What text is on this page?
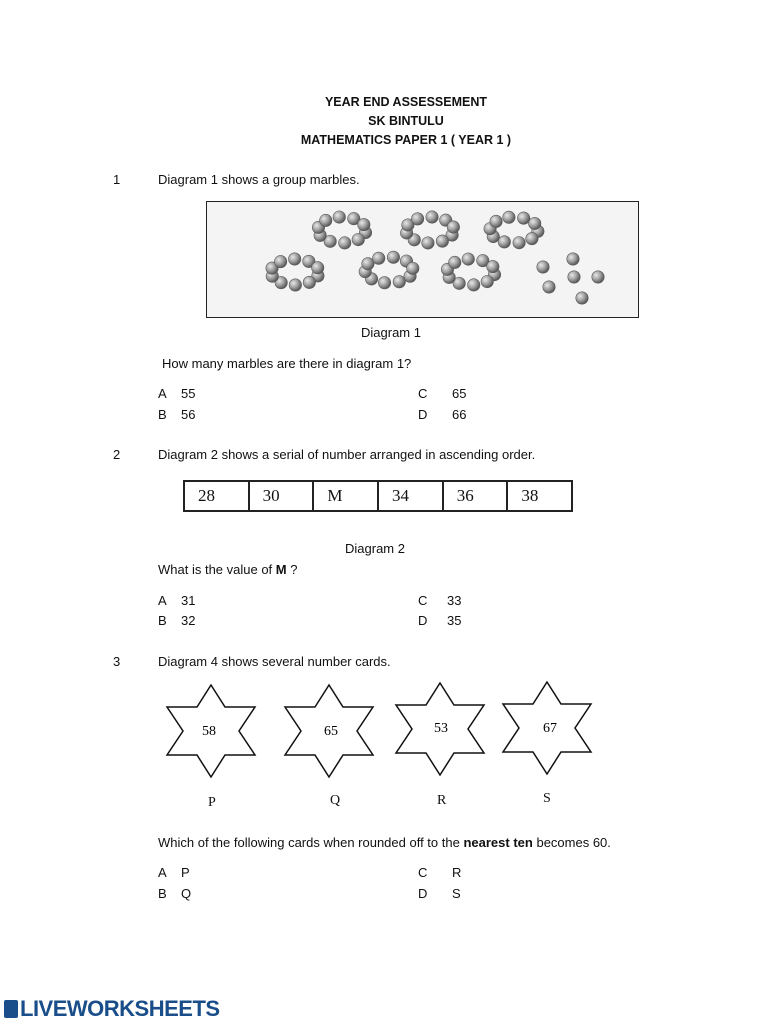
YEAR END ASSESSEMENT
SK BINTULU
MATHEMATICS PAPER 1 ( YEAR 1 )
1	Diagram 1 shows a group marbles.
Diagram 1
How many marbles are there in diagram 1?
A 55
B 56
C 65
D 66
2	Diagram 2 shows a serial of number arranged in ascending order.
28	30	M	34	36	38
Diagram 2
What is the value of M ?
A 31
B 32
C 33
D 35
3	Diagram 4 shows several number cards.
58	65	53	67
P	Q	R	S
Which of the following cards when rounded off to the nearest ten becomes 60.
A P
B Q
C R
D S
LIVEWORKSHEETS
